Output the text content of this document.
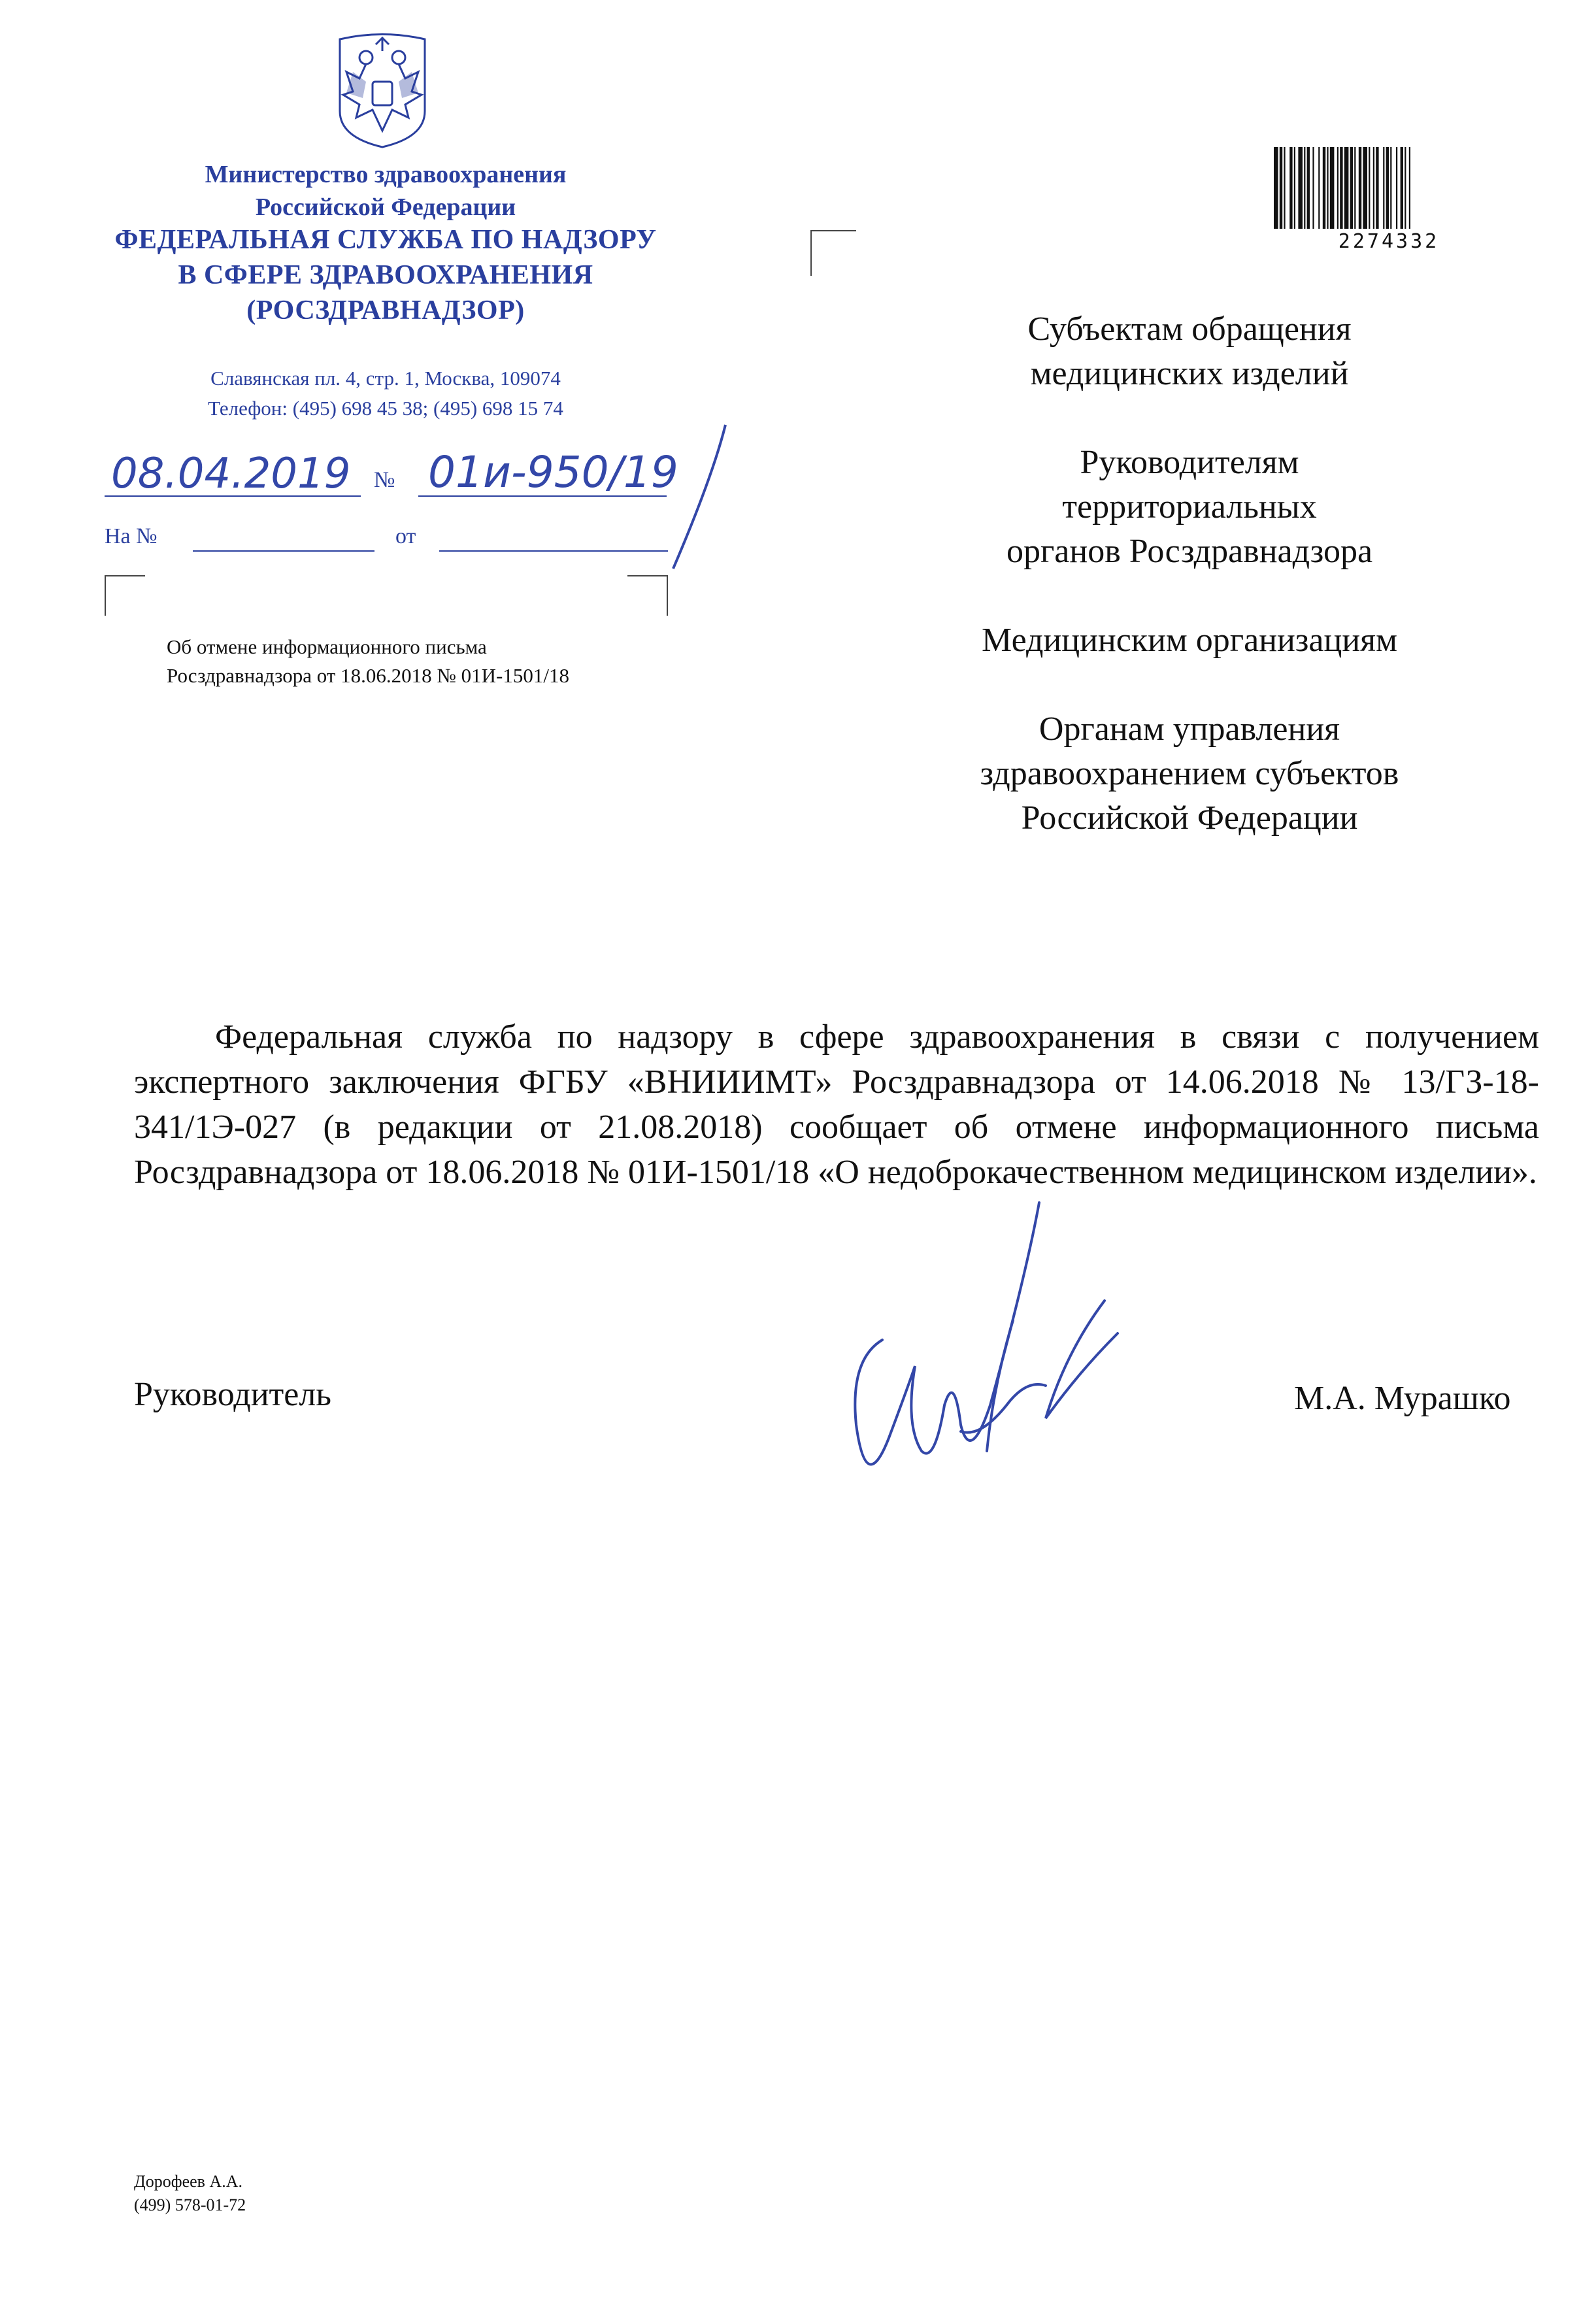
Министерство здравоохранения
Российской Федерации
ФЕДЕРАЛЬНАЯ СЛУЖБА ПО НАДЗОРУ
В СФЕРЕ ЗДРАВООХРАНЕНИЯ
(РОСЗДРАВНАДЗОР)
Славянская пл. 4, стр. 1, Москва, 109074
Телефон: (495) 698 45 38; (495) 698 15 74
08.04.2019 № 01и-950/19
На №	от
Об отмене информационного письма
Росздравнадзора от 18.06.2018 № 01И-1501/18
2274332
Субъектам обращения
медицинских изделий
Руководителям
территориальных
органов Росздравнадзора
Медицинским организациям
Органам управления
здравоохранением субъектов
Российской Федерации
Федеральная служба по надзору в сфере здравоохранения в связи с получением экспертного заключения ФГБУ «ВНИИИМТ» Росздравнадзора от 14.06.2018 № 13/ГЗ-18-341/1Э-027 (в редакции от 21.08.2018) сообщает об отмене информационного письма Росздравнадзора от 18.06.2018 № 01И-1501/18 «О недоброкачественном медицинском изделии».
Руководитель	М.А. Мурашко
Дорофеев А.А.
(499) 578-01-72
